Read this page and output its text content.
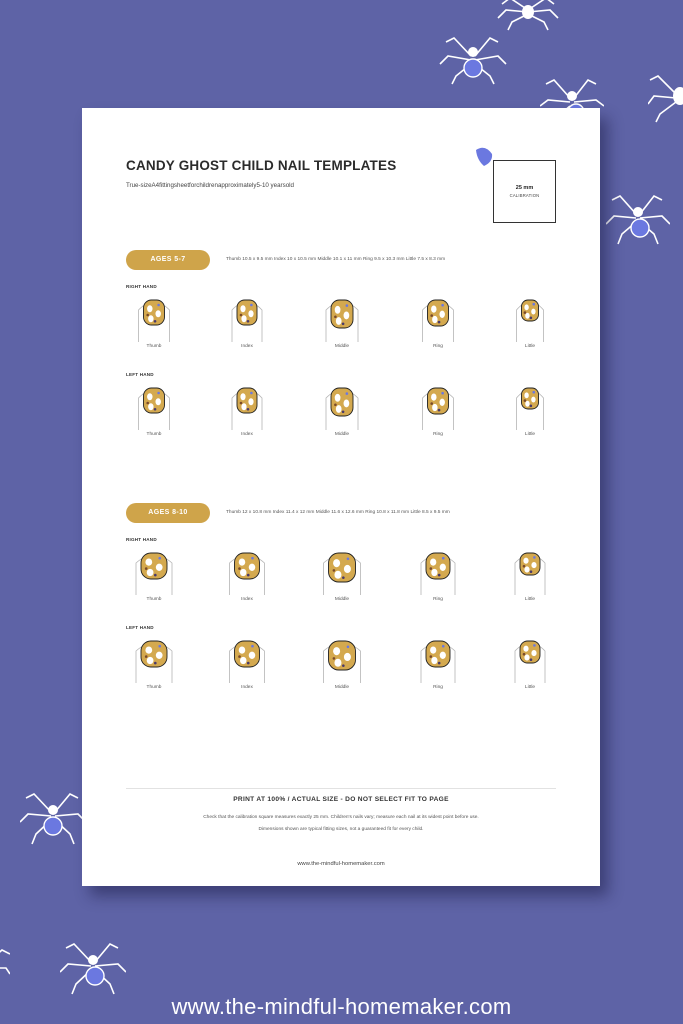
CANDY GHOST CHILD NAIL TEMPLATES
True-sizeA4fittingsheetforchildrenapproximately5-10 yearsold	25 mm
CALIBRATION
AGES 5-7	Thumb 10.5 x 9.5 mm Index 10 x 10.5 mm Middle 10.1 x 11 mm Ring 9.5 x 10.3 mm Little 7.5 x 8.3 mm
RIGHT HAND
Thumb	Index	Middle	Ring	Little
LEFT HAND
Thumb	Index	Middle	Ring	Little
AGES 8-10	Thumb 12 x 10.8 mm Index 11.4 x 12 mm Middle 11.6 x 12.6 mm Ring 10.8 x 11.8 mm Little 8.5 x 9.5 mm
RIGHT HAND
Thumb	Index	Middle	Ring	Little
LEFT HAND
Thumb	Index	Middle	Ring	Little
PRINT AT 100% / ACTUAL SIZE - DO NOT SELECT FIT TO PAGE
Check that the calibration square measures exactly 25 mm. Children's nails vary; measure each nail at its widest point before use.
Dimensions shown are typical fitting sizes, not a guaranteed fit for every child.
www.the-mindful-homemaker.com
www.the-mindful-homemaker.com
